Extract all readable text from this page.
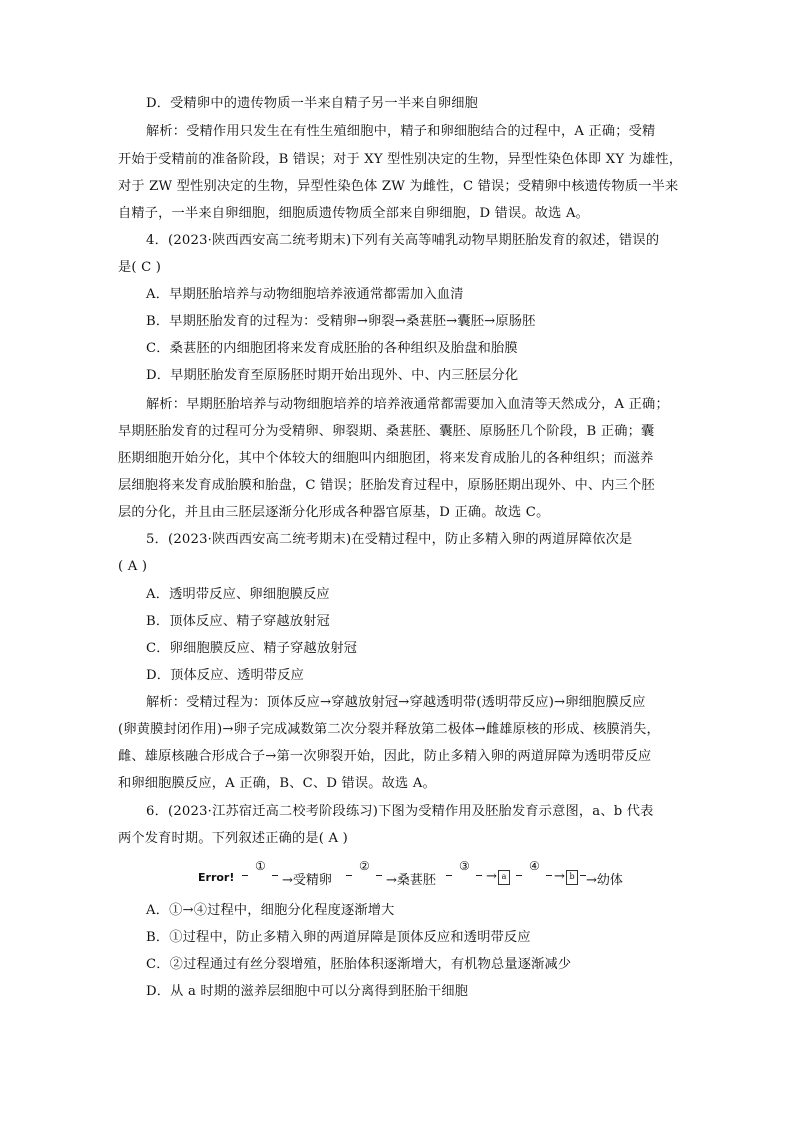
D．受精卵中的遗传物质一半来自精子另一半来自卵细胞
解析：受精作用只发生在有性生殖细胞中，精子和卵细胞结合的过程中，A 正确；受精
开始于受精前的准备阶段，B 错误；对于 XY 型性别决定的生物，异型性染色体即 XY 为雄性，
对于 ZW 型性别决定的生物，异型性染色体 ZW 为雌性，C 错误；受精卵中核遗传物质一半来
自精子，一半来自卵细胞，细胞质遗传物质全部来自卵细胞，D 错误。故选 A。
4．(2023·陕西西安高二统考期末)下列有关高等哺乳动物早期胚胎发育的叙述，错误的
是( C )
A．早期胚胎培养与动物细胞培养液通常都需加入血清
B．早期胚胎发育的过程为：受精卵→卵裂→桑葚胚→囊胚→原肠胚
C．桑葚胚的内细胞团将来发育成胚胎的各种组织及胎盘和胎膜
D．早期胚胎发育至原肠胚时期开始出现外、中、内三胚层分化
解析：早期胚胎培养与动物细胞培养的培养液通常都需要加入血清等天然成分，A 正确；
早期胚胎发育的过程可分为受精卵、卵裂期、桑葚胚、囊胚、原肠胚几个阶段，B 正确；囊
胚期细胞开始分化，其中个体较大的细胞叫内细胞团，将来发育成胎儿的各种组织；而滋养
层细胞将来发育成胎膜和胎盘，C 错误；胚胎发育过程中，原肠胚期出现外、中、内三个胚
层的分化，并且由三胚层逐渐分化形成各种器官原基，D 正确。故选 C。
5．(2023·陕西西安高二统考期末)在受精过程中，防止多精入卵的两道屏障依次是
( A )
A．透明带反应、卵细胞膜反应
B．顶体反应、精子穿越放射冠
C．卵细胞膜反应、精子穿越放射冠
D．顶体反应、透明带反应
解析：受精过程为：顶体反应→穿越放射冠→穿越透明带(透明带反应)→卵细胞膜反应
(卵黄膜封闭作用)→卵子完成减数第二次分裂并释放第二极体→雌雄原核的形成、核膜消失，
雌、雄原核融合形成合子→第一次卵裂开始，因此，防止多精入卵的两道屏障为透明带反应
和卵细胞膜反应，A 正确，B、C、D 错误。故选 A。
6．(2023·江苏宿迁高二校考阶段练习)下图为受精作用及胚胎发育示意图，a、b 代表
两个发育时期。下列叙述正确的是( A )
Error!
①
→受精卵
②
→桑葚胚
③
→ a
④
→ b →幼体
A．①→④过程中，细胞分化程度逐渐增大
B．①过程中，防止多精入卵的两道屏障是顶体反应和透明带反应
C．②过程通过有丝分裂增殖，胚胎体积逐渐增大，有机物总量逐渐减少
D．从 a 时期的滋养层细胞中可以分离得到胚胎干细胞
